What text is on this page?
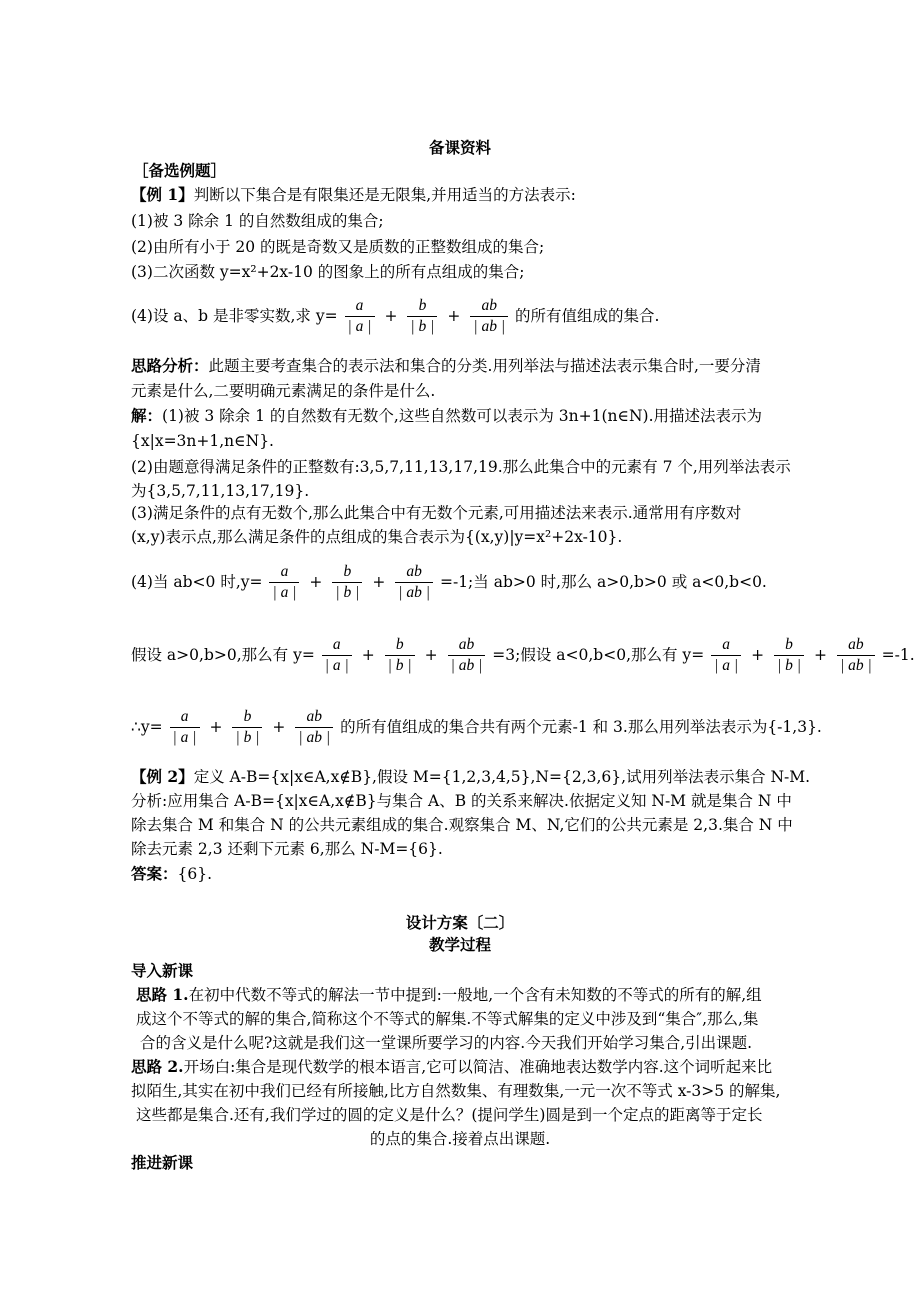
备课资料
［备选例题］
【例 1】判断以下集合是有限集还是无限集,并用适当的方法表示:
(1)被 3 除余 1 的自然数组成的集合;
(2)由所有小于 20 的既是奇数又是质数的正整数组成的集合;
(3)二次函数 y=x²+2x-10 的图象上的所有点组成的集合;
(4)设 a、b 是非零实数,求 $y= \frac{a}{| a |} + \frac{b}{| b |} + \frac{ab}{| ab |}$ 的所有值组成的集合.
思路分析：此题主要考查集合的表示法和集合的分类.用列举法与描述法表示集合时,一要分清
元素是什么,二要明确元素满足的条件是什么.
解：(1)被 3 除余 1 的自然数有无数个,这些自然数可以表示为 3n+1(n∈N).用描述法表示为
{x|x=3n+1,n∈N}.
(2)由题意得满足条件的正整数有:3,5,7,11,13,17,19.那么此集合中的元素有 7 个,用列举法表示
为{3,5,7,11,13,17,19}.
(3)满足条件的点有无数个,那么此集合中有无数个元素,可用描述法来表示.通常用有序数对
(x,y)表示点,那么满足条件的点组成的集合表示为{(x,y)|y=x²+2x-10}.
(4)当 ab<0 时$,y= \frac{a}{| a |} + \frac{b}{| b |} + \frac{ab}{| ab |} =-1$;当 ab>0 时,那么 a>0,b>0 或 a<0,b<0.
假设 a>0,b>0,那么有 $y= \frac{a}{| a |} + \frac{b}{| b |} + \frac{ab}{| ab |} =3$;假设 a<0,b<0,那么有 $y= \frac{a}{| a |} + \frac{b}{| b |} + \frac{ab}{| ab |} =-1$.
∴y= $\frac{a}{| a |} + \frac{b}{| b |} + \frac{ab}{| ab |}$ 的所有值组成的集合共有两个元素-1 和 3.那么用列举法表示为{-1,3}.
【例 2】定义 A-B={x|x∈A,x∉B},假设 M={1,2,3,4,5},N={2,3,6},试用列举法表示集合 N-M.
分析:应用集合 A-B={x|x∈A,x∉B}与集合 A、B 的关系来解决.依据定义知 N-M 就是集合 N 中
除去集合 M 和集合 N 的公共元素组成的集合.观察集合 M、N,它们的公共元素是 2,3.集合 N 中
除去元素 2,3 还剩下元素 6,那么 N-M={6}.
答案：{6}.
设计方案〔二〕
教学过程
导入新课
思路 1.在初中代数不等式的解法一节中提到:一般地,一个含有未知数的不等式的所有的解,组
成这个不等式的解的集合,简称这个不等式的解集.不等式解集的定义中涉及到“集合″,那么,集
合的含义是什么呢?这就是我们这一堂课所要学习的内容.今天我们开始学习集合,引出课题.
思路 2.开场白:集合是现代数学的根本语言,它可以简洁、准确地表达数学内容.这个词听起来比
拟陌生,其实在初中我们已经有所接触,比方自然数集、有理数集,一元一次不等式 x-3>5 的解集,
这些都是集合.还有,我们学过的圆的定义是什么？(提问学生)圆是到一个定点的距离等于定长
的点的集合.接着点出课题.
推进新课
